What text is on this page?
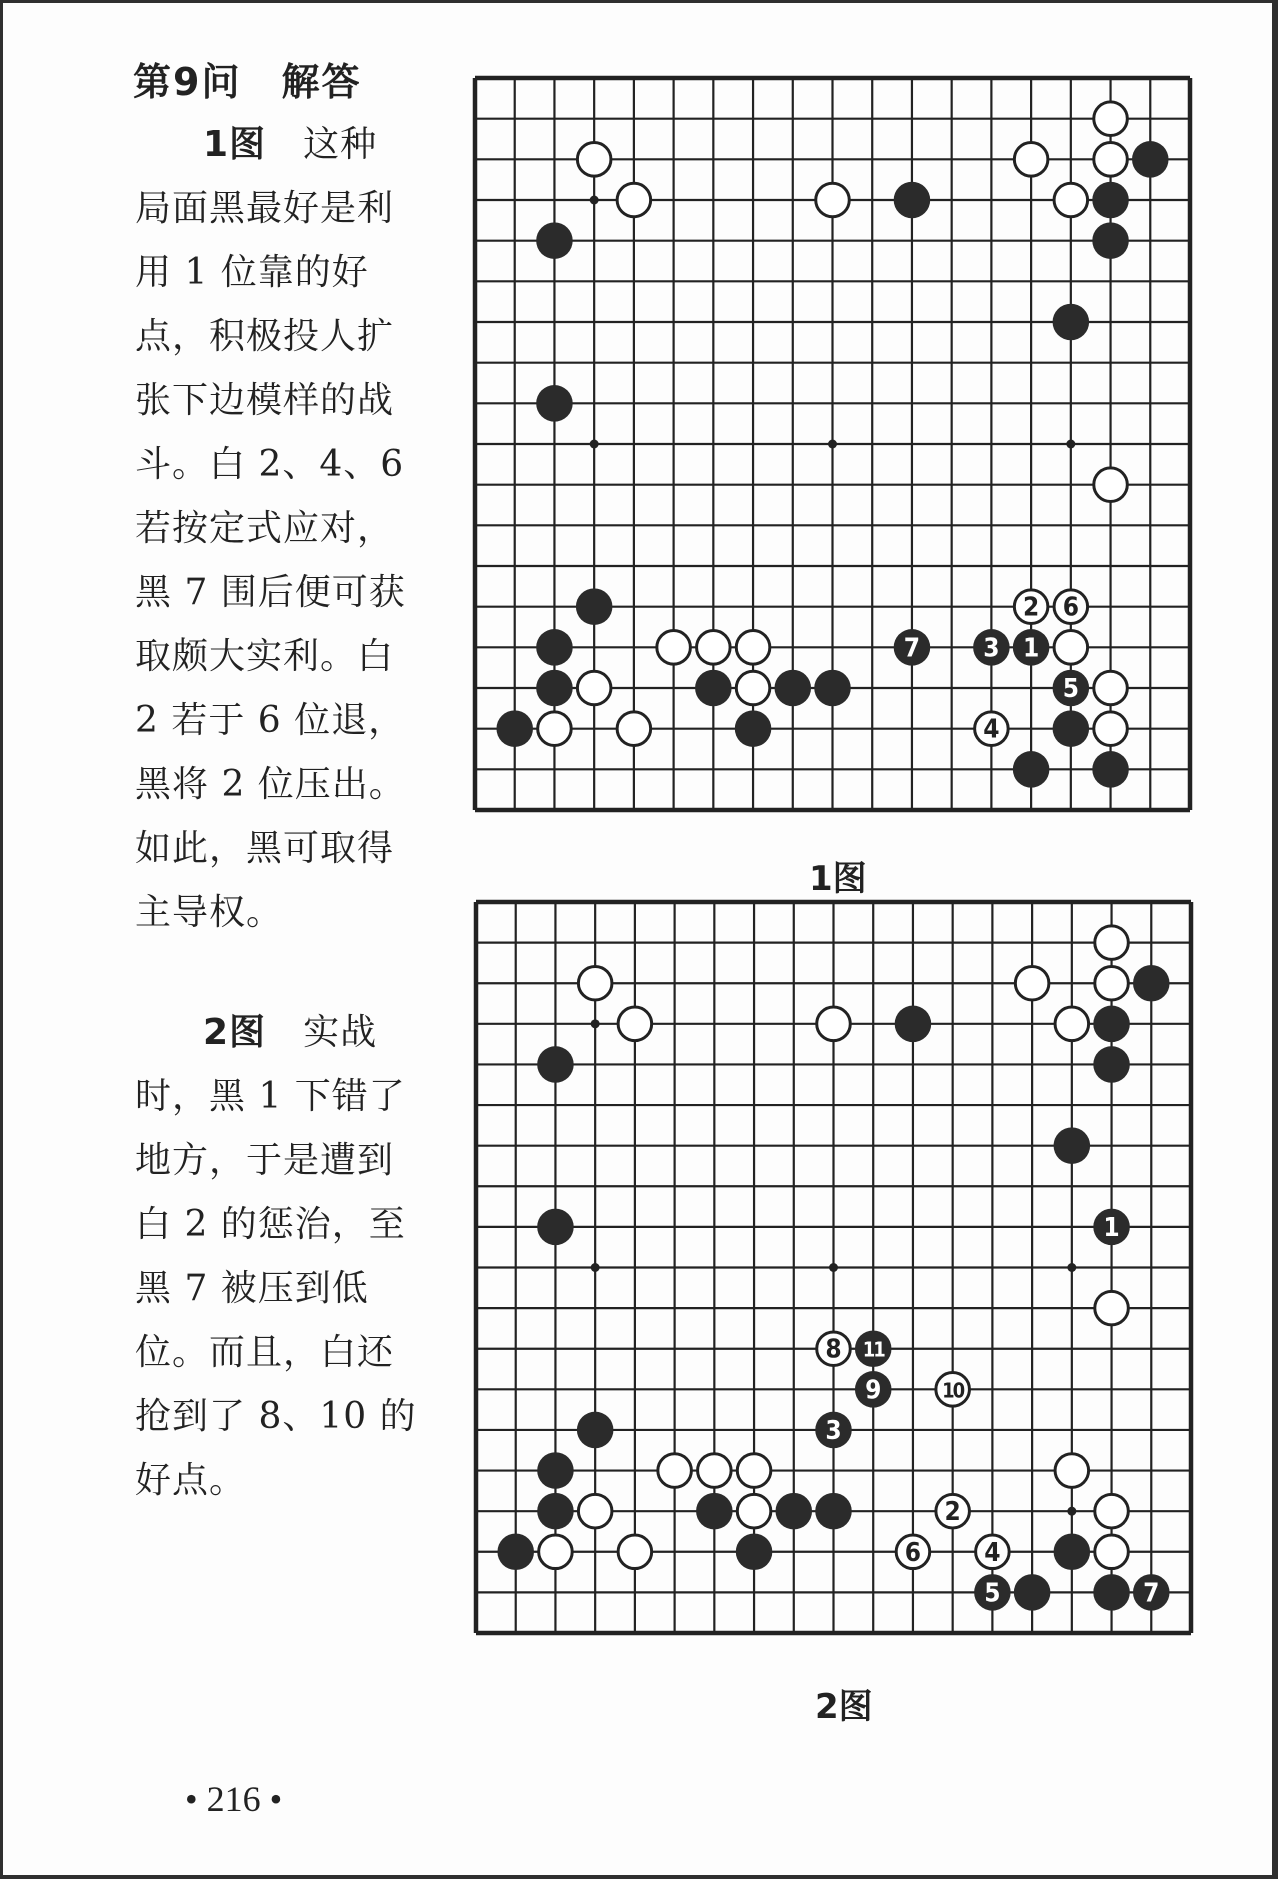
第9问　解答
1图　这种
局面黑最好是利
用 1 位靠的好
点，积极投人扩
张下边模样的战
斗。白 2、4、6
若按定式应对，
黑 7 围后便可获
取颇大实利。白
2 若于 6 位退，
黑将 2 位压出。
如此，黑可取得
主导权。
2图　实战
时，黑 1 下错了
地方，于是遭到
白 2 的惩治，至
黑 7 被压到低
位。而且，白还
抢到了 8、10 的
好点。
2 6
7 3 1
5
4
1图
1
8 11
9	10
3
2
6 4
5	7
2图
• 216 •
